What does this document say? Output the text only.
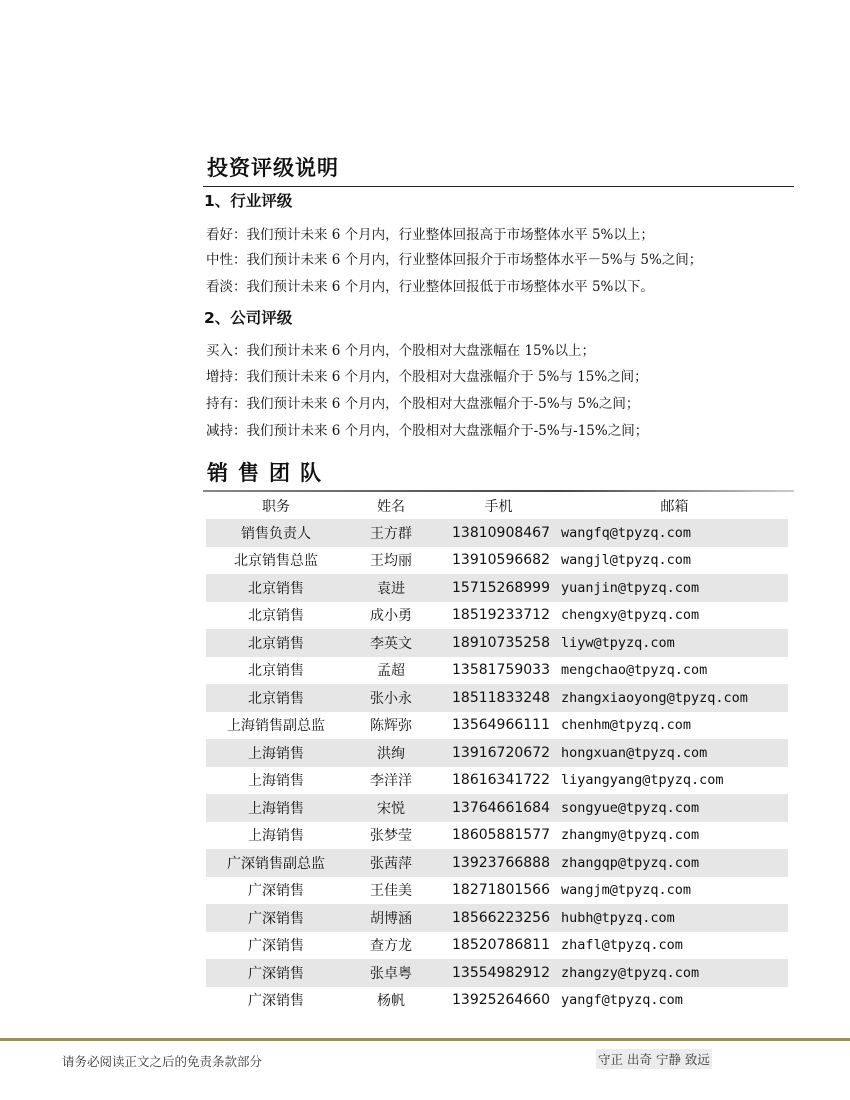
投资评级说明
1、行业评级
看好：我们预计未来 6 个月内，行业整体回报高于市场整体水平 5%以上；
中性：我们预计未来 6 个月内，行业整体回报介于市场整体水平－5%与 5%之间；
看淡：我们预计未来 6 个月内，行业整体回报低于市场整体水平 5%以下。
2、公司评级
买入：我们预计未来 6 个月内，个股相对大盘涨幅在 15%以上；
增持：我们预计未来 6 个月内，个股相对大盘涨幅介于 5%与 15%之间；
持有：我们预计未来 6 个月内，个股相对大盘涨幅介于-5%与 5%之间；
减持：我们预计未来 6 个月内，个股相对大盘涨幅介于-5%与-15%之间；
销售团队
职务	姓名	手机	邮箱
销售负责人	王方群	13810908467	wangfq@tpyzq.com
北京销售总监	王均丽	13910596682	wangjl@tpyzq.com
北京销售	袁进	15715268999	yuanjin@tpyzq.com
北京销售	成小勇	18519233712	chengxy@tpyzq.com
北京销售	李英文	18910735258	liyw@tpyzq.com
北京销售	孟超	13581759033	mengchao@tpyzq.com
北京销售	张小永	18511833248	zhangxiaoyong@tpyzq.com
上海销售副总监	陈辉弥	13564966111	chenhm@tpyzq.com
上海销售	洪绚	13916720672	hongxuan@tpyzq.com
上海销售	李洋洋	18616341722	liyangyang@tpyzq.com
上海销售	宋悦	13764661684	songyue@tpyzq.com
上海销售	张梦莹	18605881577	zhangmy@tpyzq.com
广深销售副总监	张茜萍	13923766888	zhangqp@tpyzq.com
广深销售	王佳美	18271801566	wangjm@tpyzq.com
广深销售	胡博涵	18566223256	hubh@tpyzq.com
广深销售	查方龙	18520786811	zhafl@tpyzq.com
广深销售	张卓粤	13554982912	zhangzy@tpyzq.com
广深销售	杨帆	13925264660	yangf@tpyzq.com
请务必阅读正文之后的免责条款部分	守正 出奇 宁静 致远
